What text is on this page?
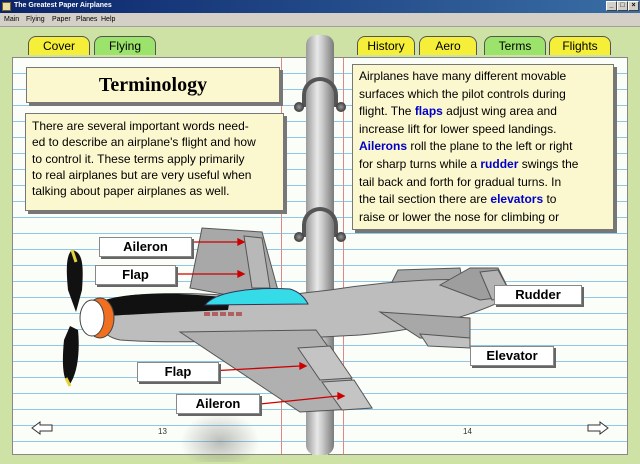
The Greatest Paper Airplanes	_ □ ×
Main Flying Paper Planes Help
Cover	Flying	History	Aero	Terms	Flights
Terminology
There are several important words need-
ed to describe an airplane's flight and how
to control it. These terms apply primarily
to real airplanes but are very useful when
talking about paper airplanes as well.
Airplanes have many different movable
surfaces which the pilot controls during
flight. The flaps adjust wing area and
increase lift for lower speed landings.
Ailerons roll the plane to the left or right
for sharp turns while a rudder swings the
tail back and forth for gradual turns. In
the tail section there are elevators to
raise or lower the nose for climbing or
Aileron
Flap
Rudder
Elevator
Flap
Aileron
13	14
